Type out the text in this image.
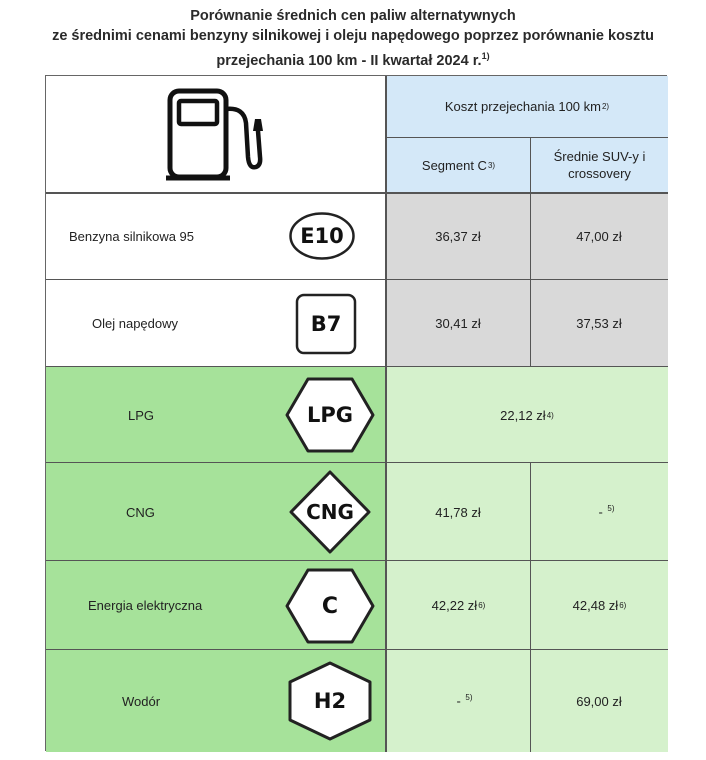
Porównanie średnich cen paliw alternatywnych
ze średnimi cenami benzyny silnikowej i oleju napędowego poprzez porównanie kosztu
przejechania 100 km - II kwartał 2024 r.$^{1)}$
Koszt przejechania 100 km 2)
Segment C 3)
Średnie SUV-y i
crossovery
Benzyna silnikowa 95	E10	36,37 zł	47,00 zł
Olej napędowy	B7	30,41 zł	37,53 zł
LPG	LPG	22,12 zł 4)
CNG	CNG	41,78 zł	- $^{5)}$
Energia elektryczna	C	42,22 zł 6)	42,48 zł 6)
Wodór	H2	- $^{5)}$	69,00 zł
